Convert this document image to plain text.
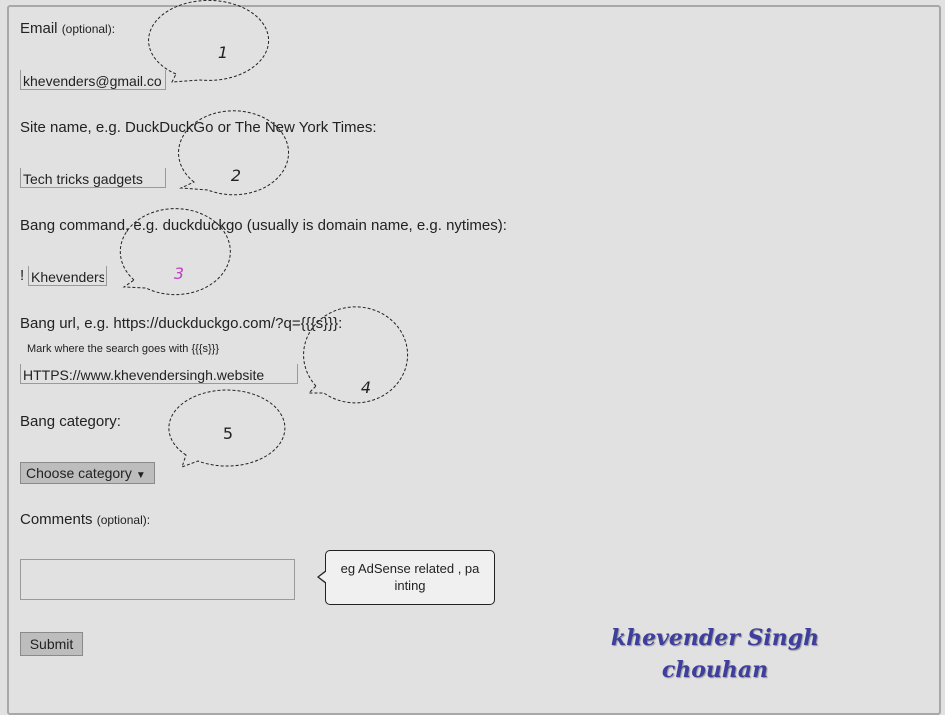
Email (optional):
khevenders@gmail.co
Site name, e.g. DuckDuckGo or The New York Times:
Tech tricks gadgets
Bang command, e.g. duckduckgo (usually is domain name, e.g. nytimes):
!
Khevenders
Bang url, e.g. https://duckduckgo.com/?q={{{s}}}:
Mark where the search goes with {{{s}}}
HTTPS://www.khevendersingh.website
Bang category:
Choose category ▼
Comments (optional):
Submit
1
2
3
4
5
eg AdSense related , painting
khevender Singh
chouhan
